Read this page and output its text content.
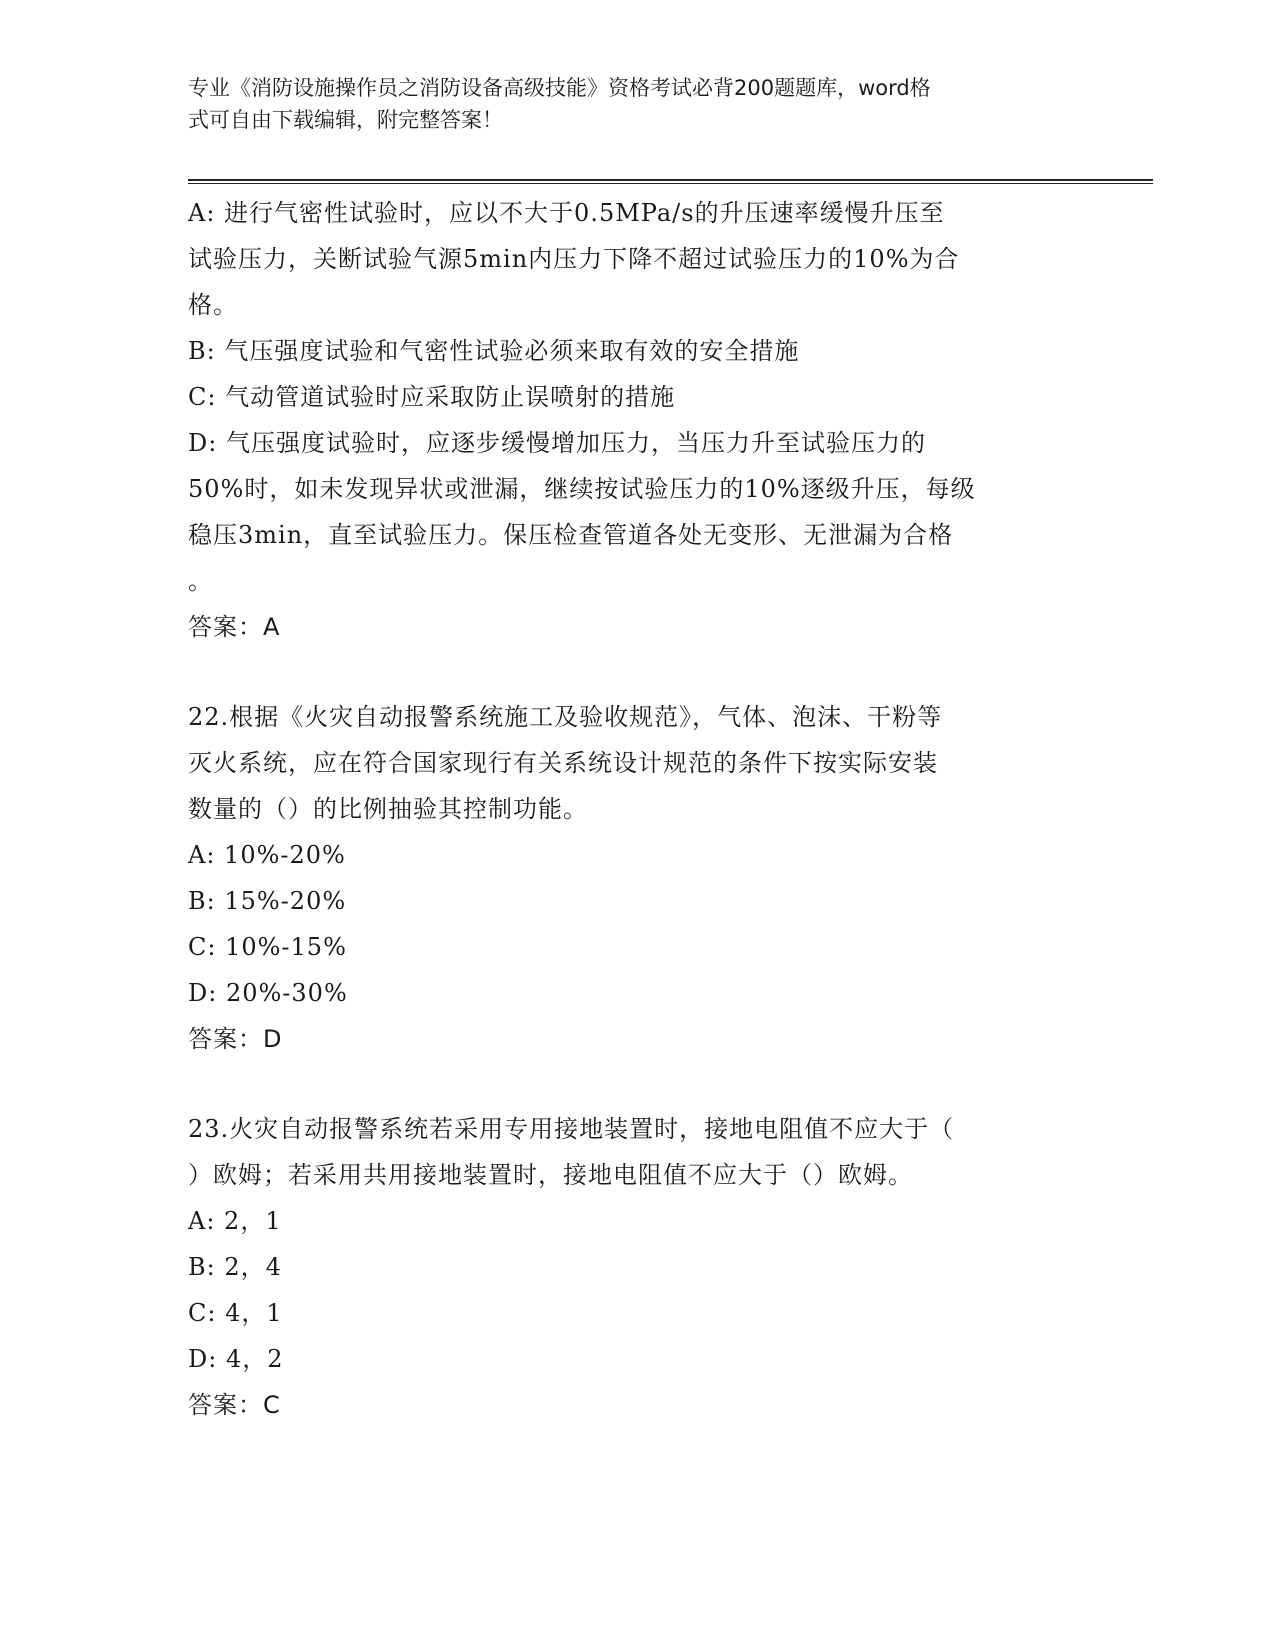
专业《消防设施操作员之消防设备高级技能》资格考试必背200题题库，word格
式可自由下载编辑，附完整答案！

A: 进行气密性试验时，应以不大于0.5MPa/s的升压速率缓慢升压至

试验压力，关断试验气源5min内压力下降不超过试验压力的10%为合

格。

B: 气压强度试验和气密性试验必须来取有效的安全措施

C: 气动管道试验时应采取防止误喷射的措施

D: 气压强度试验时，应逐步缓慢增加压力，当压力升至试验压力的

50%时，如未发现异状或泄漏，继续按试验压力的10%逐级升压，每级

稳压3min，直至试验压力。保压检查管道各处无变形、无泄漏为合格

。

答案：A

22.根据《火灾自动报警系统施工及验收规范》，气体、泡沫、干粉等

灭火系统，应在符合国家现行有关系统设计规范的条件下按实际安装

数量的（）的比例抽验其控制功能。

A: 10%-20%

B: 15%-20%

C: 10%-15%

D: 20%-30%

答案：D

23.火灾自动报警系统若采用专用接地装置时，接地电阻值不应大于（

）欧姆；若采用共用接地装置时，接地电阻值不应大于（）欧姆。

A: 2，1

B: 2，4

C: 4，1

D: 4，2

答案：C
